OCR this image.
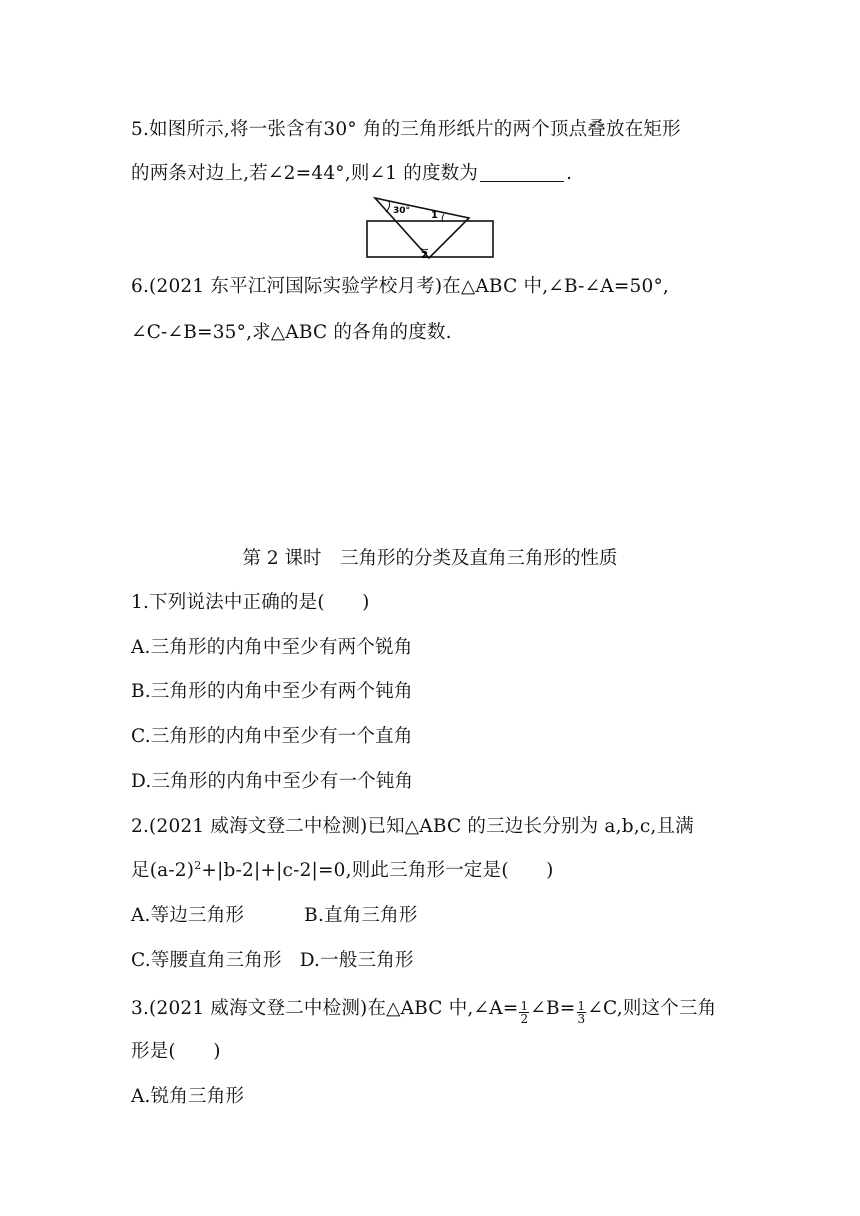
5.如图所示,将一张含有30° 角的三角形纸片的两个顶点叠放在矩形
的两条对边上,若∠2=44°,则∠1 的度数为	.
30° 1
2
6.(2021 东平江河国际实验学校月考)在△ABC 中,∠B-∠A=50°,
∠C-∠B=35°,求△ABC 的各角的度数.
第 2 课时　三角形的分类及直角三角形的性质
1.下列说法中正确的是(　　)
A.三角形的内角中至少有两个锐角
B.三角形的内角中至少有两个钝角
C.三角形的内角中至少有一个直角
D.三角形的内角中至少有一个钝角
2.(2021 威海文登二中检测)已知△ABC 的三边长分别为 a,b,c,且满
足$(a-2)^2+|b-2|+|c-2|=0$,则此三角形一定是(　　)
A.等边三角形	B.直角三角形
C.等腰直角三角形 D.一般三角形
3.(2021 威海文登二中检测)在△ABC 中,∠A= $\frac{1}{2}$ ∠B= $\frac{1}{3}$ ∠C,则这个三角
形是(　　)
A.锐角三角形
